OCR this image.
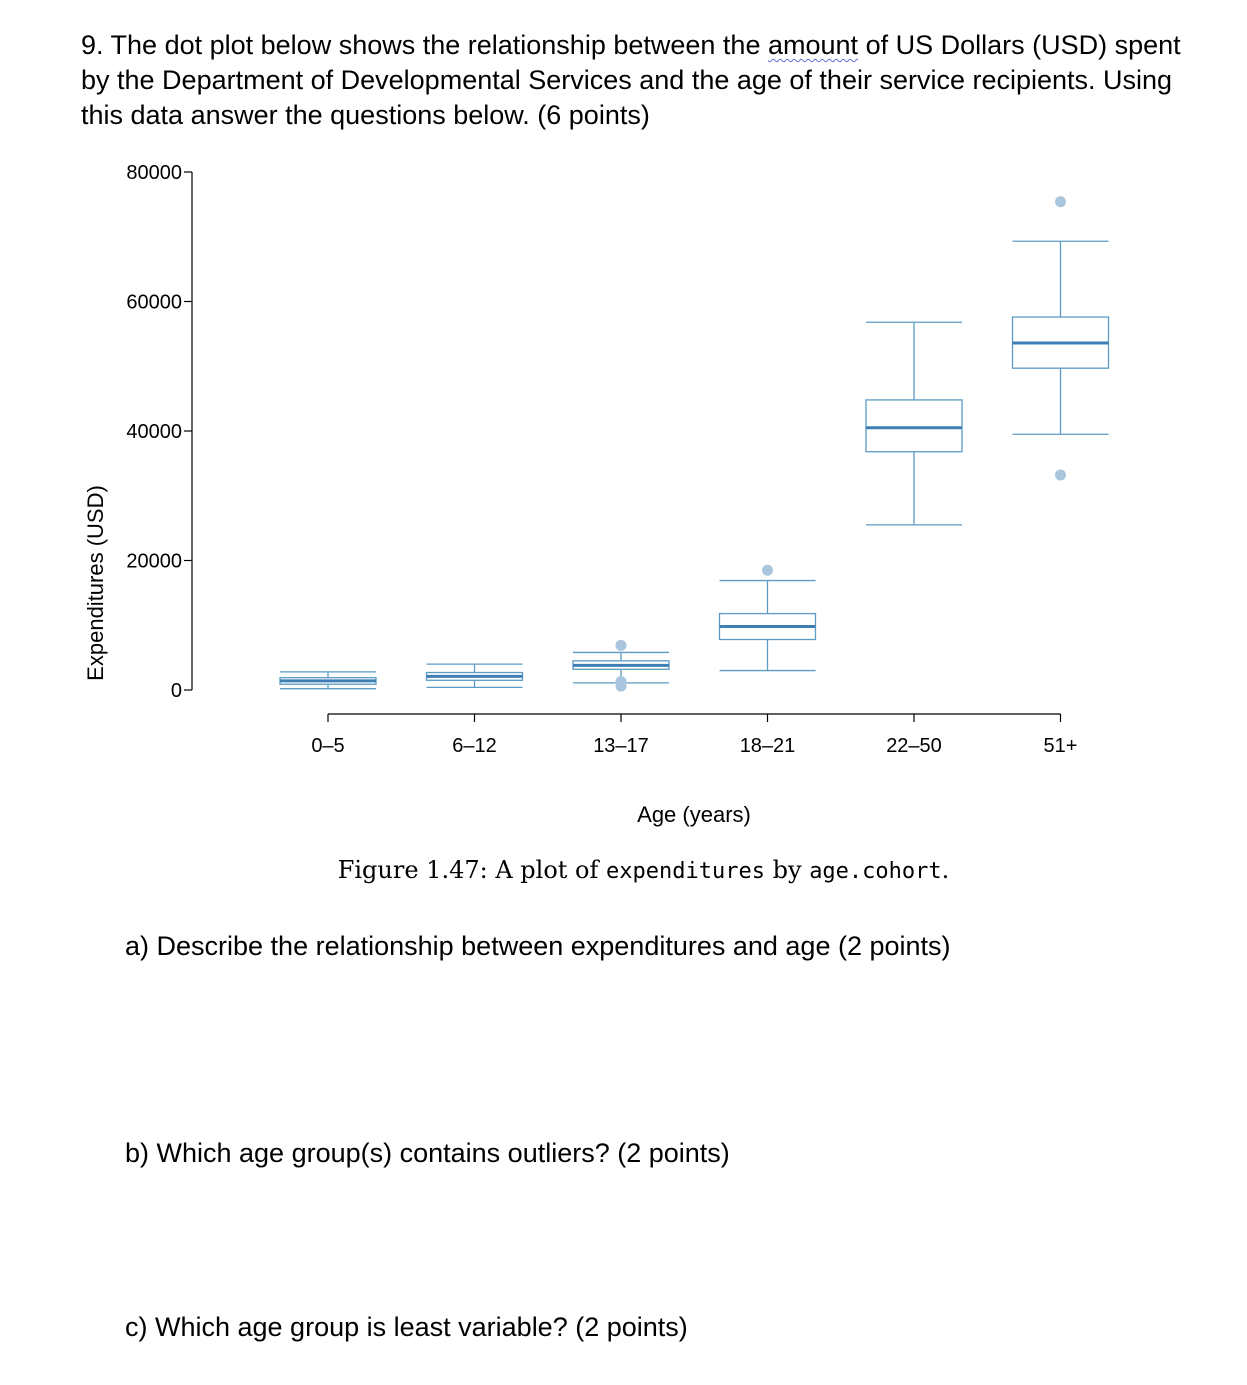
9. The dot plot below shows the relationship between the amount of US Dollars (USD) spent by the Department of Developmental Services and the age of their service recipients. Using this data answer the questions below. (6 points)

0
20000
40000
60000
80000
0–5	6–12	13–17	18–21	22–50	51+
Expenditures (USD)
Age (years)
Figure 1.47: A plot of expenditures by age.cohort.

a) Describe the relationship between expenditures and age (2 points)

b) Which age group(s) contains outliers? (2 points)

c) Which age group is least variable? (2 points)
